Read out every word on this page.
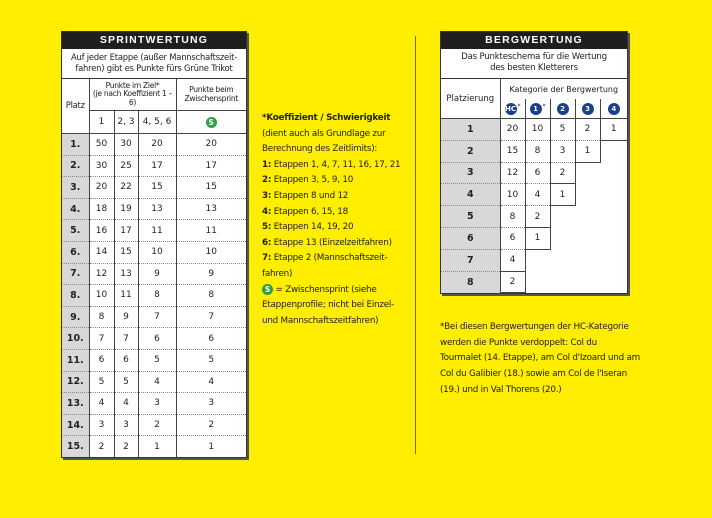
SPRINTWERTUNG
Auf jeder Etappe (außer Mannschaftszeit-fahren) gibt es Punkte fürs Grüne Trikot
Platz	Punkte im Ziel*
(je nach Koeffizient 1 – 6)			Punkte beim
Zwischensprint
	1	2, 3	4, 5, 6	S
1.	50	30	20	20
2.	30	25	17	17
3.	20	22	15	15
4.	18	19	13	13
5.	16	17	11	11
6.	14	15	10	10
7.	12	13	9	9
8.	10	11	8	8
9.	8	9	7	7
10.	7	7	6	6
11.	6	6	5	5
12.	5	5	4	4
13.	4	4	3	3
14.	3	3	2	2
15.	2	2	1	1
*Koeffizient / Schwierigkeit
(dient auch als Grundlage zur Berechnung des Zeitlimits):
1: Etappen 1, 4, 7, 11, 16, 17, 21
2: Etappen 3, 5, 9, 10
3: Etappen 8 und 12
4: Etappen 6, 15, 18
5: Etappen 14, 19, 20
6: Etappe 13 (Einzelzeitfahren)
7: Etappe 2 (Mannschaftszeit-fahren)
S = Zwischensprint (siehe Etappenprofile; nicht bei Einzel- und Mannschaftszeitfahren)
BERGWERTUNG
Das Punkteschema für die Wertung
des besten Kletterers
Platzierung	Kategorie der Bergwertung				
	HC *	1 *	2	3	4
1	20	10	5	2	1
2	15	8	3	1	
3	12	6	2		
4	10	4	1		
5	8	2			
6	6	1			
7	4				
8	2				
*Bei diesen Bergwertungen der HC-Kategorie werden die Punkte verdoppelt: Col du Tourmalet (14. Etappe), am Col d'Izoard und am Col du Galibier (18.) sowie am Col de l'Iseran (19.) und in Val Thorens (20.)
